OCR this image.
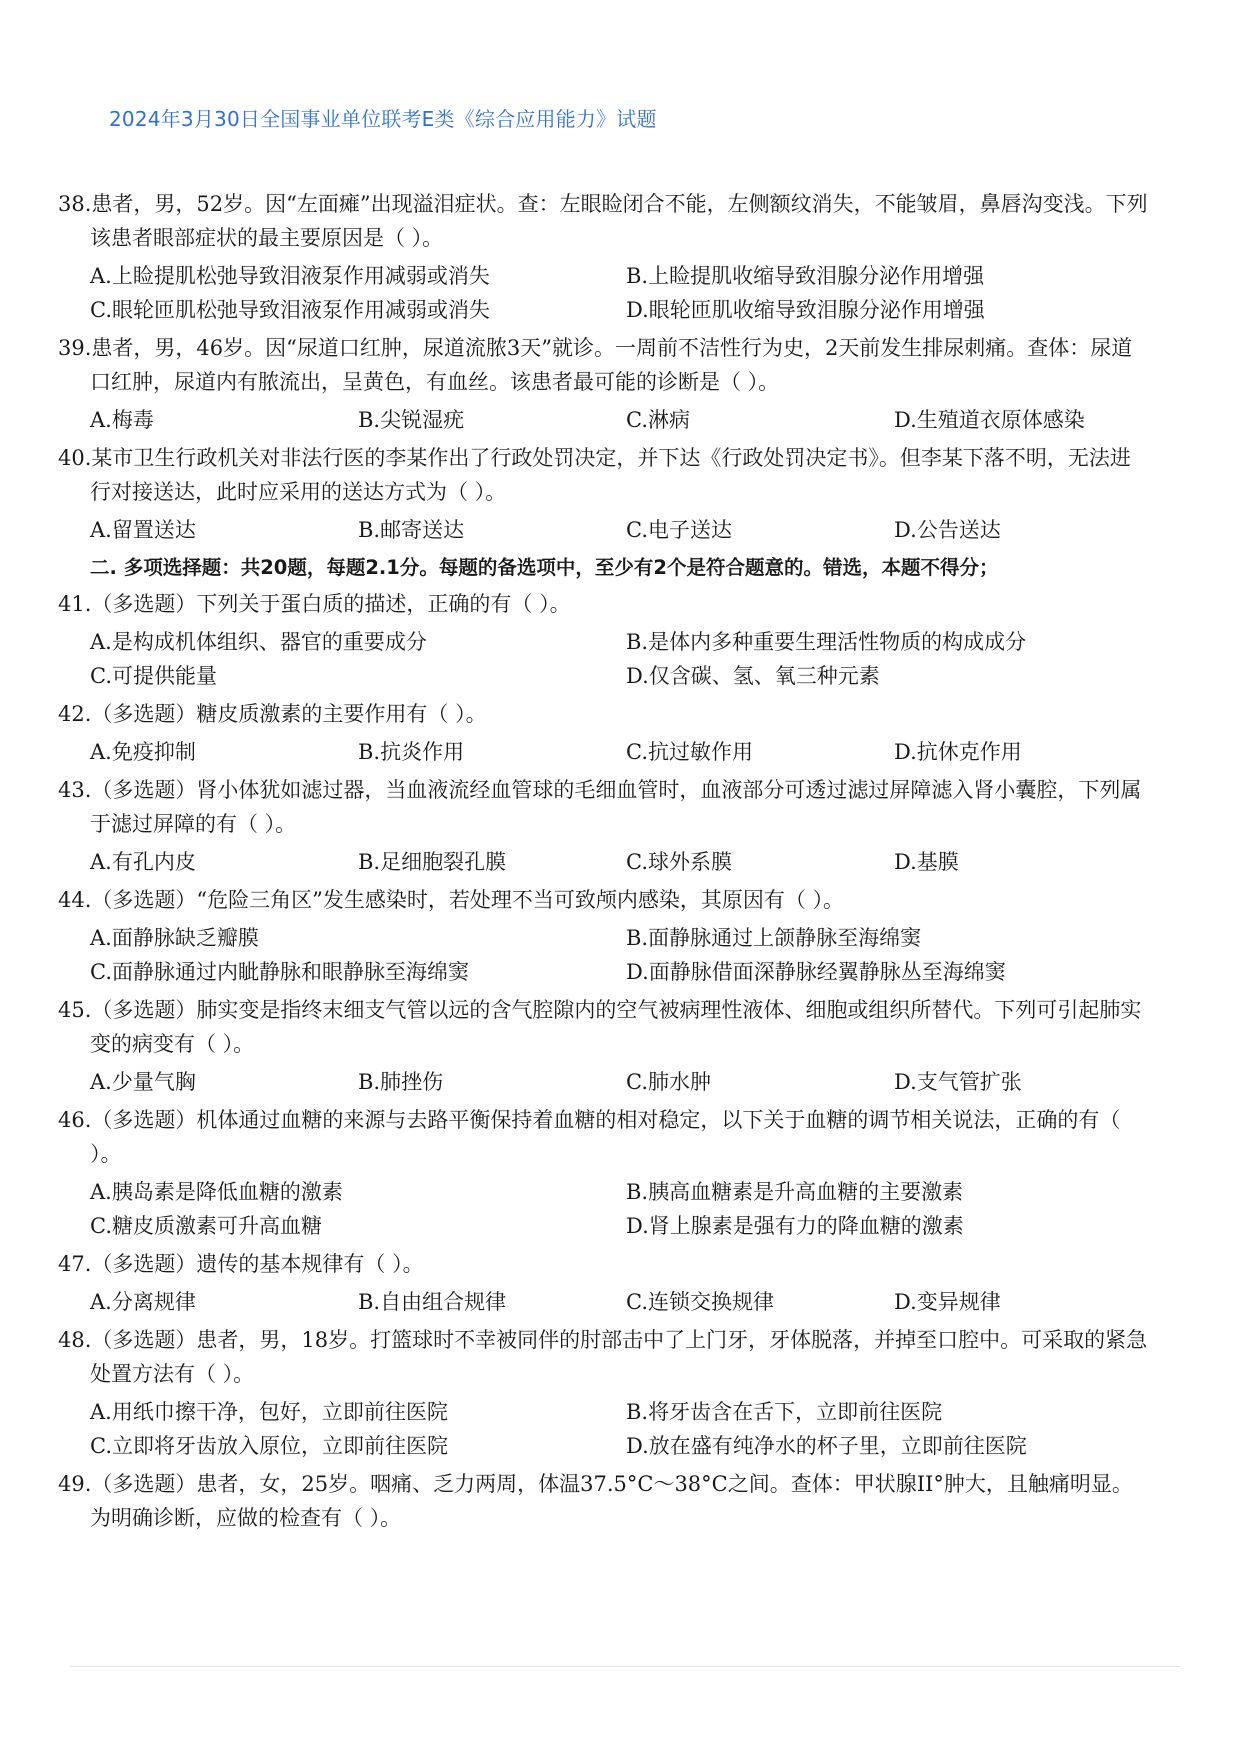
2024年3月30日全国事业单位联考E类《综合应用能力》试题
38.患者，男，52岁。因“左面瘫”出现溢泪症状。查：左眼睑闭合不能，左侧额纹消失，不能皱眉，鼻唇沟变浅。下列该患者眼部症状的最主要原因是（ ）。
A.上睑提肌松弛导致泪液泵作用减弱或消失	B.上睑提肌收缩导致泪腺分泌作用增强
C.眼轮匝肌松弛导致泪液泵作用减弱或消失	D.眼轮匝肌收缩导致泪腺分泌作用增强
39.患者，男，46岁。因“尿道口红肿，尿道流脓3天”就诊。一周前不洁性行为史，2天前发生排尿刺痛。查体：尿道口红肿，尿道内有脓流出，呈黄色，有血丝。该患者最可能的诊断是（ ）。
A.梅毒	B.尖锐湿疣	C.淋病	D.生殖道衣原体感染
40.某市卫生行政机关对非法行医的李某作出了行政处罚决定，并下达《行政处罚决定书》。但李某下落不明，无法进行对接送达，此时应采用的送达方式为（ ）。
A.留置送达	B.邮寄送达	C.电子送达	D.公告送达
二. 多项选择题：共20题，每题2.1分。每题的备选项中，至少有2个是符合题意的。错选，本题不得分；
41.（多选题）下列关于蛋白质的描述，正确的有（ ）。
A.是构成机体组织、器官的重要成分	B.是体内多种重要生理活性物质的构成成分
C.可提供能量	D.仅含碳、氢、氧三种元素
42.（多选题）糖皮质激素的主要作用有（ ）。
A.免疫抑制	B.抗炎作用	C.抗过敏作用	D.抗休克作用
43.（多选题）肾小体犹如滤过器，当血液流经血管球的毛细血管时，血液部分可透过滤过屏障滤入肾小囊腔，下列属于滤过屏障的有（ ）。
A.有孔内皮	B.足细胞裂孔膜	C.球外系膜	D.基膜
44.（多选题）“危险三角区”发生感染时，若处理不当可致颅内感染，其原因有（ ）。
A.面静脉缺乏瓣膜	B.面静脉通过上颌静脉至海绵窦
C.面静脉通过内眦静脉和眼静脉至海绵窦	D.面静脉借面深静脉经翼静脉丛至海绵窦
45.（多选题）肺实变是指终末细支气管以远的含气腔隙内的空气被病理性液体、细胞或组织所替代。下列可引起肺实变的病变有（ ）。
A.少量气胸	B.肺挫伤	C.肺水肿	D.支气管扩张
46.（多选题）机体通过血糖的来源与去路平衡保持着血糖的相对稳定，以下关于血糖的调节相关说法，正确的有（ ）。
A.胰岛素是降低血糖的激素	B.胰高血糖素是升高血糖的主要激素
C.糖皮质激素可升高血糖	D.肾上腺素是强有力的降血糖的激素
47.（多选题）遗传的基本规律有（ ）。
A.分离规律	B.自由组合规律	C.连锁交换规律	D.变异规律
48.（多选题）患者，男，18岁。打篮球时不幸被同伴的肘部击中了上门牙，牙体脱落，并掉至口腔中。可采取的紧急处置方法有（ ）。
A.用纸巾擦干净，包好，立即前往医院	B.将牙齿含在舌下，立即前往医院
C.立即将牙齿放入原位，立即前往医院	D.放在盛有纯净水的杯子里，立即前往医院
49.（多选题）患者，女，25岁。咽痛、乏力两周，体温37.5°C～38°C之间。查体：甲状腺II°肿大，且触痛明显。为明确诊断，应做的检查有（ ）。
